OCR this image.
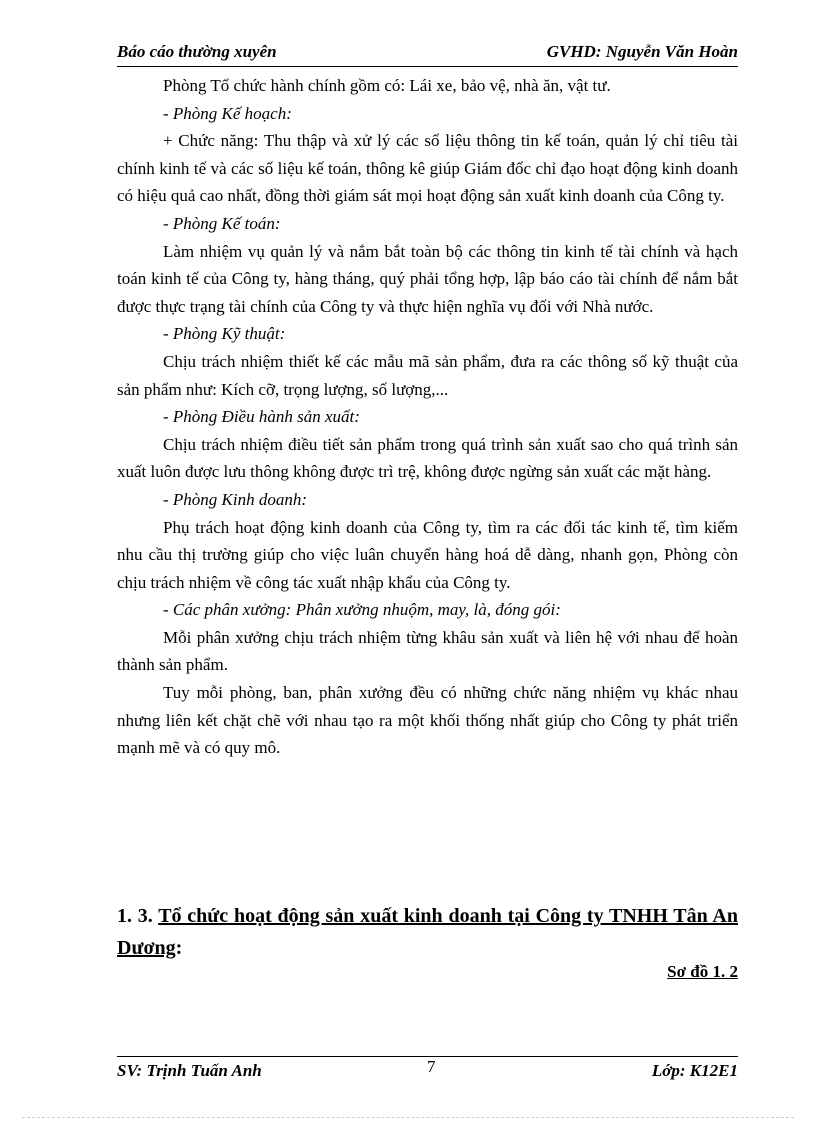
Báo cáo thường xuyên	GVHD: Nguyễn Văn Hoàn

Phòng Tổ chức hành chính gồm có: Lái xe, bảo vệ, nhà ăn, vật tư.

- Phòng Kế hoạch:

+ Chức năng: Thu thập và xử lý các số liệu thông tin kế toán, quản lý chỉ tiêu tài chính kinh tế và các số liệu kế toán, thông kê giúp Giám đốc chỉ đạo hoạt động kinh doanh có hiệu quả cao nhất, đồng thời giám sát mọi hoạt động sản xuất kinh doanh của Công ty.

- Phòng Kế toán:

Làm nhiệm vụ quản lý và nắm bắt toàn bộ các thông tin kinh tế tài chính và hạch toán kinh tế của Công ty, hàng tháng, quý phải tổng hợp, lập báo cáo tài chính để nắm bắt được thực trạng tài chính của Công ty và thực hiện nghĩa vụ đối với Nhà nước.

- Phòng Kỹ thuật:

Chịu trách nhiệm thiết kế các mẫu mã sản phẩm, đưa ra các thông số kỹ thuật của sản phẩm như: Kích cỡ, trọng lượng, số lượng,...

- Phòng Điều hành sản xuất:

Chịu trách nhiệm điều tiết sản phẩm trong quá trình sản xuất sao cho quá trình sản xuất luôn được lưu thông không được trì trệ, không được ngừng sản xuất các mặt hàng.

- Phòng Kinh doanh:

Phụ trách hoạt động kinh doanh của Công ty, tìm ra các đối tác kinh tế, tìm kiếm nhu cầu thị trường giúp cho việc luân chuyển hàng hoá dễ dàng, nhanh gọn, Phòng còn chịu trách nhiệm về công tác xuất nhập khẩu của Công ty.

- Các phân xưởng: Phân xưởng nhuộm, may, là, đóng gói:

Mỗi phân xưởng chịu trách nhiệm từng khâu sản xuất và liên hệ với nhau để hoàn thành sản phẩm.

Tuy mỗi phòng, ban, phân xưởng đều có những chức năng nhiệm vụ khác nhau nhưng liên kết chặt chẽ với nhau tạo ra một khối thống nhất giúp cho Công ty phát triển mạnh mẽ và có quy mô.

1. 3. Tổ chức hoạt động sản xuất kinh doanh tại Công ty TNHH Tân An Dương:
Sơ đồ 1. 2
SV: Trịnh Tuấn Anh	7	Lớp: K12E1
